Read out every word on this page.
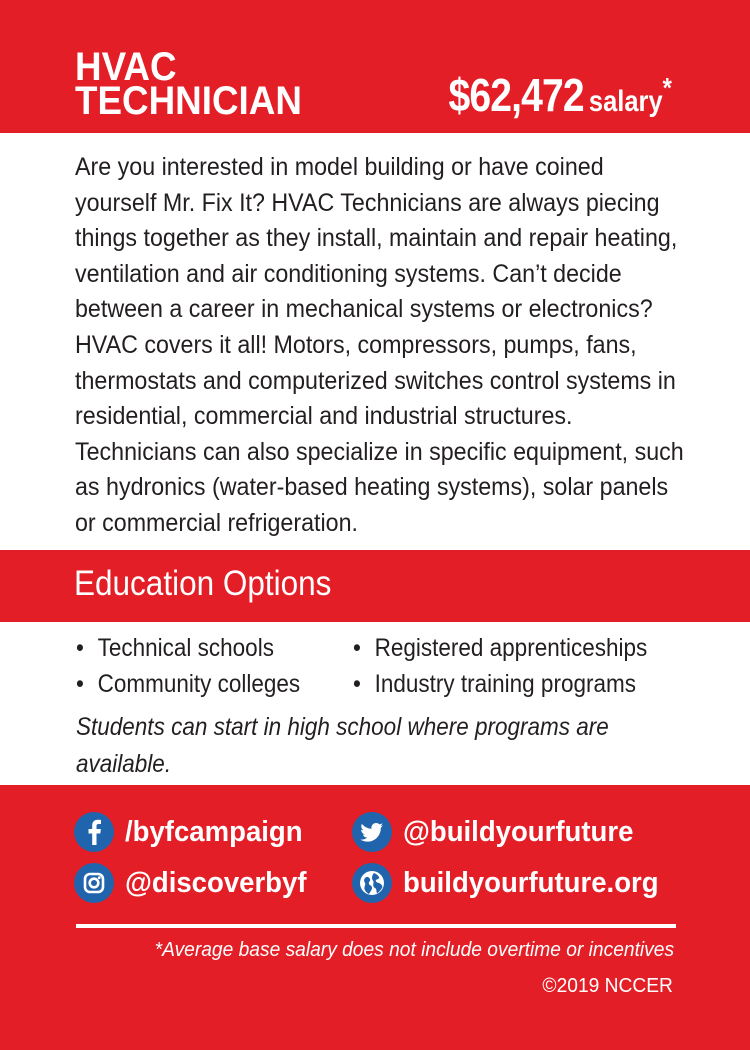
HVAC
TECHNICIAN	$62,472 salary*
Are you interested in model building or have coined yourself Mr. Fix It? HVAC Technicians are always piecing things together as they install, maintain and repair heating, ventilation and air conditioning systems. Can’t decide between a career in mechanical systems or electronics? HVAC covers it all! Motors, compressors, pumps, fans, thermostats and computerized switches control systems in residential, commercial and industrial structures. Technicians can also specialize in specific equipment, such as hydronics (water-based heating systems), solar panels or commercial refrigeration.
Education Options
• Technical schools
• Community colleges
• Registered apprenticeships
• Industry training programs
Students can start in high school where programs are available.
/byfcampaign	@buildyourfuture
@discoverbyf	buildyourfuture.org
*Average base salary does not include overtime or incentives
©2019 NCCER
